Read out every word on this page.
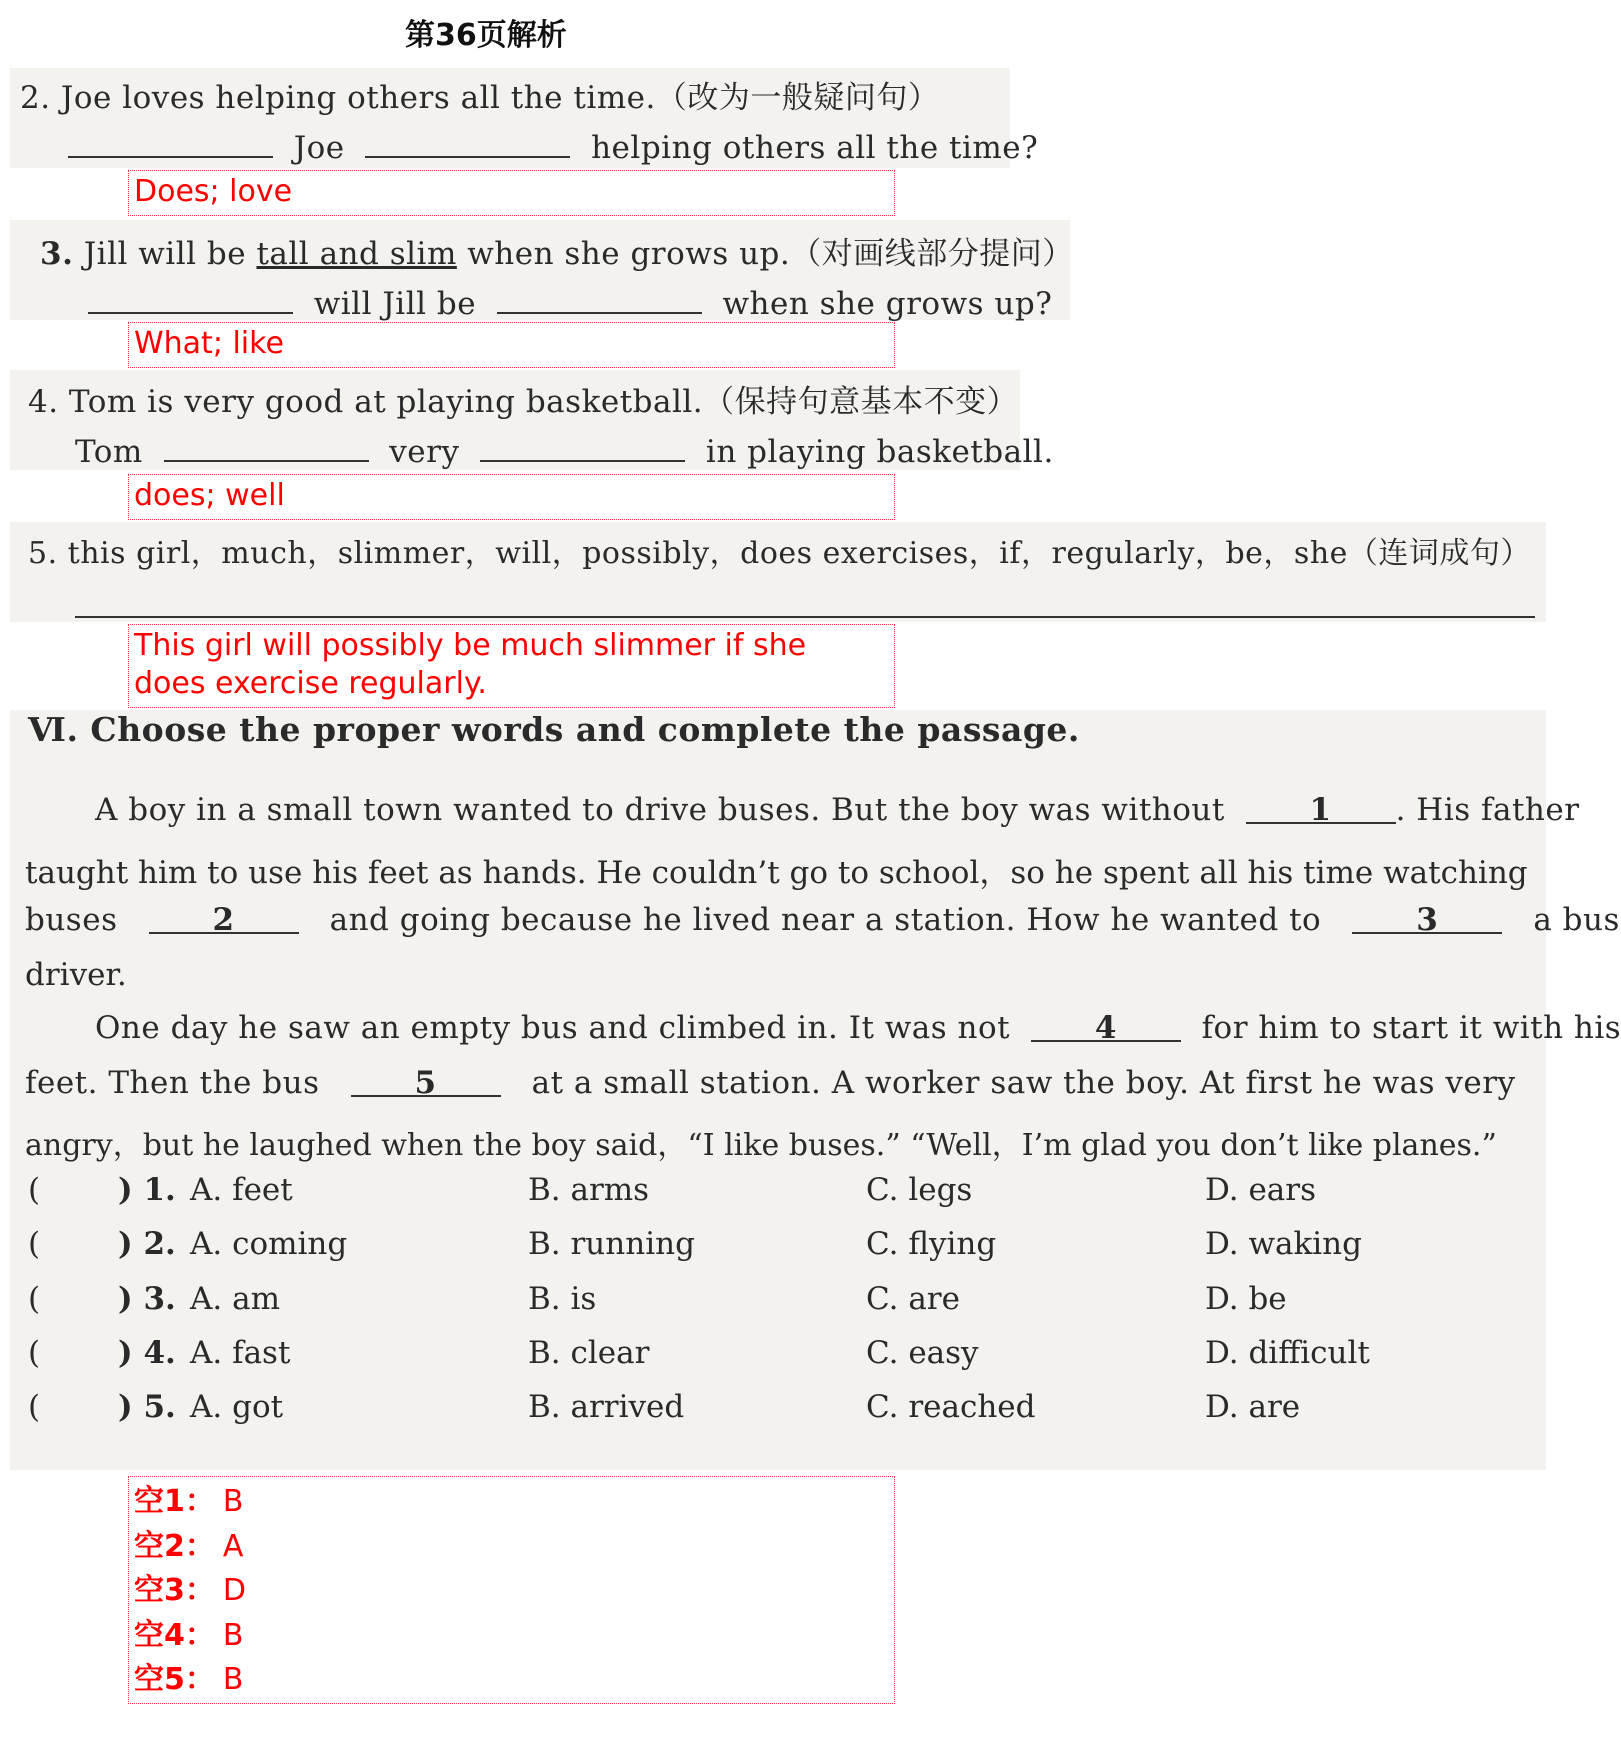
第36页解析
2. Joe loves helping others all the time.（改为一般疑问句）
Joe	helping others all the time?
Does; love
3. Jill will be tall and slim when she grows up.（对画线部分提问）
will Jill be	when she grows up?
What; like
4. Tom is very good at playing basketball.（保持句意基本不变）
Tom	very	in playing basketball.
does; well
5. this girl，much，slimmer，will，possibly，does exercises，if，regularly，be，she（连词成句）
This girl will possibly be much slimmer if she
does exercise regularly.
Ⅵ. Choose the proper words and complete the passage.
A boy in a small town wanted to drive buses. But the boy was without	1 . His father
taught him to use his feet as hands. He couldn’t go to school，so he spent all his time watching
buses	2	and going because he lived near a station. How he wanted to	3	a bus
driver.
One day he saw an empty bus and climbed in. It was not	4	for him to start it with his
feet. Then the bus	5	at a small station. A worker saw the boy. At first he was very
angry，but he laughed when the boy said，“I like buses.” “Well，I’m glad you don’t like planes.”
(	) 1. A. feet	B. arms	C. legs	D. ears
(	) 2. A. coming	B. running	C. flying	D. waking
(	) 3. A. am	B. is	C. are	D. be
(	) 4. A. fast	B. clear	C. easy	D. difficult
(	) 5. A. got	B. arrived	C. reached	D. are
空1： B
空2： A
空3： D
空4： B
空5： B
